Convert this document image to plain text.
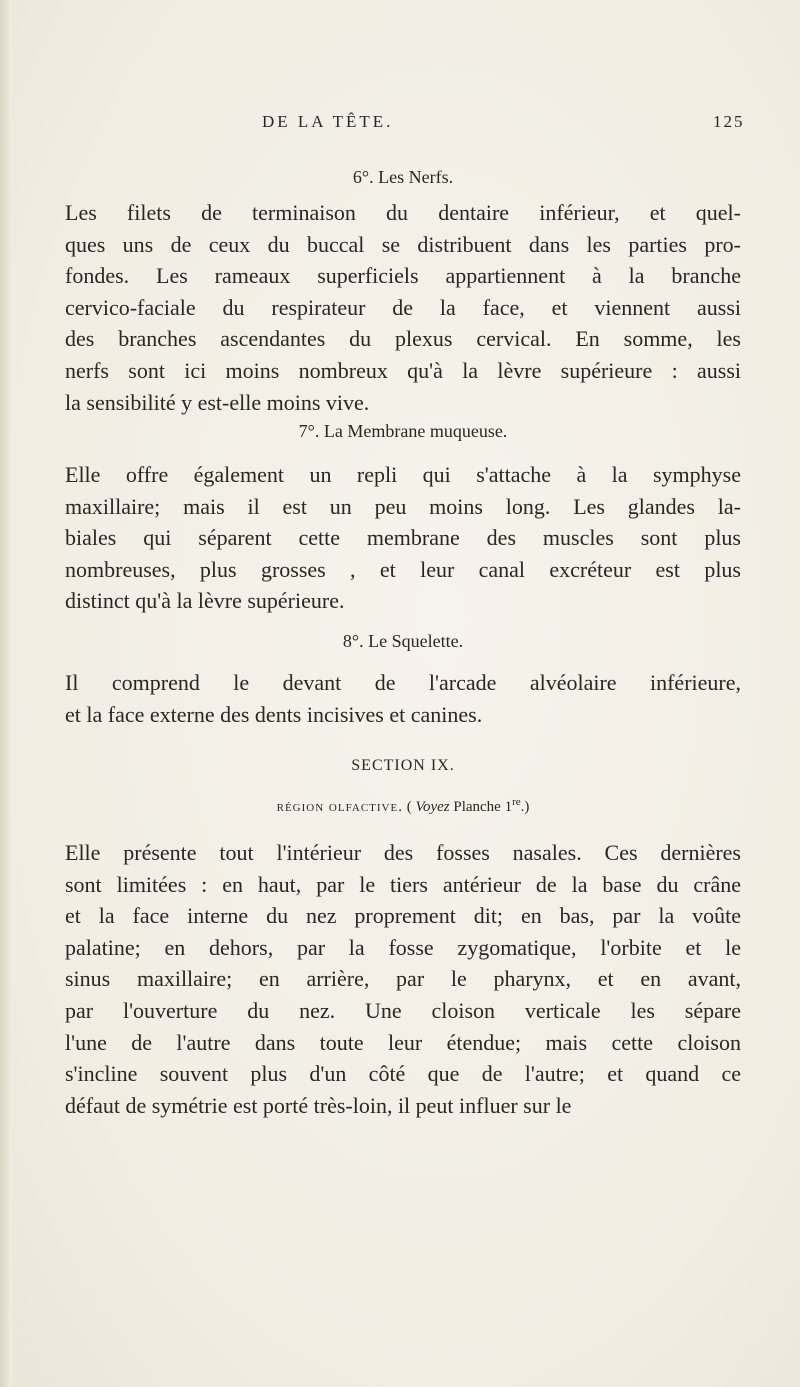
DE LA TÊTE.	125

6°. Les Nerfs.

Les filets de terminaison du dentaire inférieur, et quel-
ques uns de ceux du buccal se distribuent dans les parties pro-
fondes. Les rameaux superficiels appartiennent à la branche
cervico-faciale du respirateur de la face, et viennent aussi
des branches ascendantes du plexus cervical. En somme, les
nerfs sont ici moins nombreux qu'à la lèvre supérieure : aussi
la sensibilité y est-elle moins vive.

7°. La Membrane muqueuse.

Elle offre également un repli qui s'attache à la symphyse
maxillaire; mais il est un peu moins long. Les glandes la-
biales qui séparent cette membrane des muscles sont plus
nombreuses, plus grosses , et leur canal excréteur est plus
distinct qu'à la lèvre supérieure.

8°. Le Squelette.

Il comprend le devant de l'arcade alvéolaire inférieure,
et la face externe des dents incisives et canines.

SECTION IX.

région olfactive. ( Voyez Planche 1re.)

Elle présente tout l'intérieur des fosses nasales. Ces dernières
sont limitées : en haut, par le tiers antérieur de la base du crâne
et la face interne du nez proprement dit; en bas, par la voûte
palatine; en dehors, par la fosse zygomatique, l'orbite et le
sinus maxillaire; en arrière, par le pharynx, et en avant,
par l'ouverture du nez. Une cloison verticale les sépare
l'une de l'autre dans toute leur étendue; mais cette cloison
s'incline souvent plus d'un côté que de l'autre; et quand ce
défaut de symétrie est porté très-loin, il peut influer sur le
